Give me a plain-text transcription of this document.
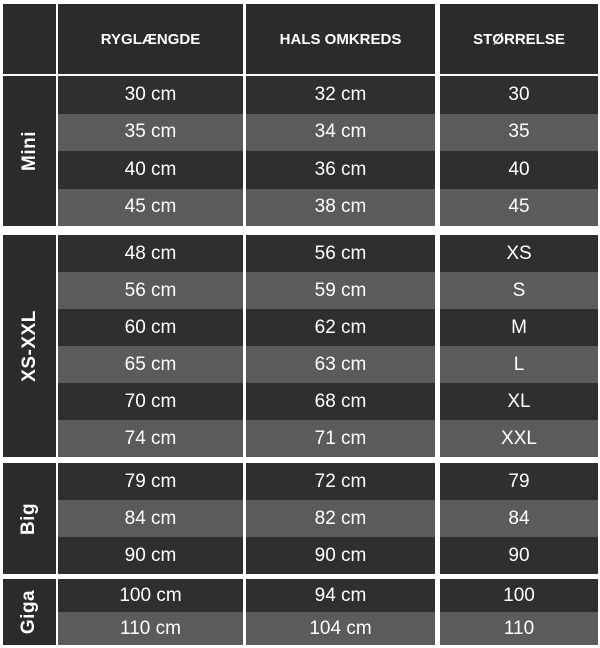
RYGLÆNGDE	HALS OMKREDS	STØRRELSE
Mini
30 cm	32 cm	30
35 cm	34 cm	35
40 cm	36 cm	40
45 cm	38 cm	45
XS-XXL
48 cm	56 cm	XS
56 cm	59 cm	S
60 cm	62 cm	M
65 cm	63 cm	L
70 cm	68 cm	XL
74 cm	71 cm	XXL
Big
79 cm	72 cm	79
84 cm	82 cm	84
90 cm	90 cm	90
Giga	100 cm	94 cm	100
110 cm	104 cm	110
